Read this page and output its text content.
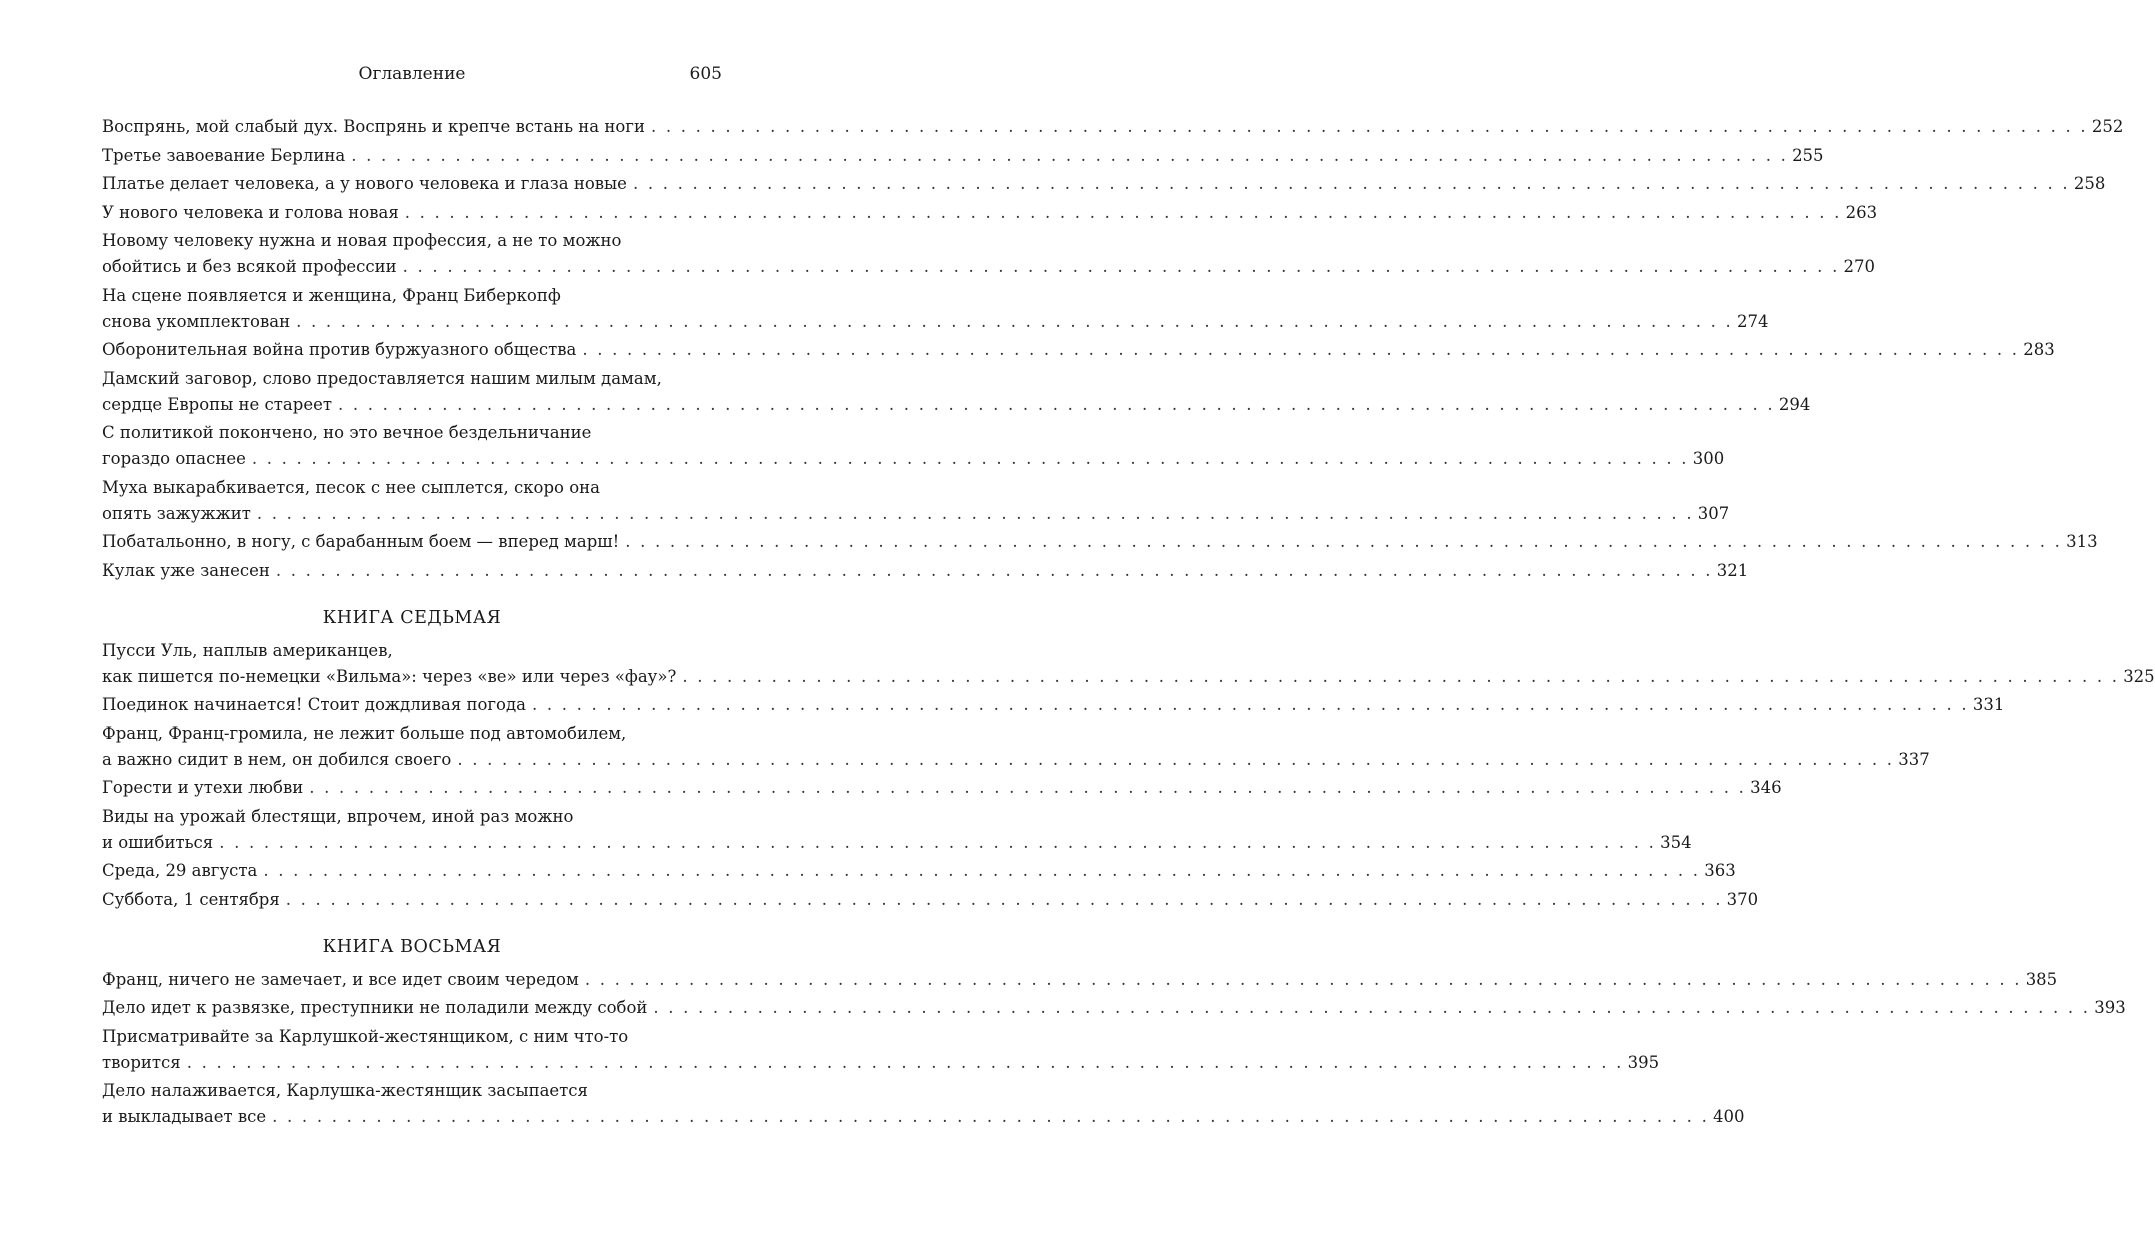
Оглавление	605
Воспрянь, мой слабый дух. Воспрянь и крепче встань на ноги . . . . . . . . . . . . . . . . . . . . . . . . . . . . . . . . . . . . . . . . . . . . . . . . . . . . . . . . . . . . . . . . . . . . . . . . . . . . . . . . . . . . . . . . . . . . . . . . . 252
Третье завоевание Берлина . . . . . . . . . . . . . . . . . . . . . . . . . . . . . . . . . . . . . . . . . . . . . . . . . . . . . . . . . . . . . . . . . . . . . . . . . . . . . . . . . . . . . . . . . . . . . . . . . 255
Платье делает человека, а у нового человека и глаза новые . . . . . . . . . . . . . . . . . . . . . . . . . . . . . . . . . . . . . . . . . . . . . . . . . . . . . . . . . . . . . . . . . . . . . . . . . . . . . . . . . . . . . . . . . . . . . . . . . 258
У нового человека и голова новая . . . . . . . . . . . . . . . . . . . . . . . . . . . . . . . . . . . . . . . . . . . . . . . . . . . . . . . . . . . . . . . . . . . . . . . . . . . . . . . . . . . . . . . . . . . . . . . . . 263
Новому человеку нужна и новая профессия, а не то можно
обойтись и без всякой профессии . . . . . . . . . . . . . . . . . . . . . . . . . . . . . . . . . . . . . . . . . . . . . . . . . . . . . . . . . . . . . . . . . . . . . . . . . . . . . . . . . . . . . . . . . . . . . . . . . 270
На сцене появляется и женщина, Франц Биберкопф
снова укомплектован . . . . . . . . . . . . . . . . . . . . . . . . . . . . . . . . . . . . . . . . . . . . . . . . . . . . . . . . . . . . . . . . . . . . . . . . . . . . . . . . . . . . . . . . . . . . . . . . . 274
Оборонительная война против буржуазного общества . . . . . . . . . . . . . . . . . . . . . . . . . . . . . . . . . . . . . . . . . . . . . . . . . . . . . . . . . . . . . . . . . . . . . . . . . . . . . . . . . . . . . . . . . . . . . . . . . 283
Дамский заговор, слово предоставляется нашим милым дамам,
сердце Европы не стареет . . . . . . . . . . . . . . . . . . . . . . . . . . . . . . . . . . . . . . . . . . . . . . . . . . . . . . . . . . . . . . . . . . . . . . . . . . . . . . . . . . . . . . . . . . . . . . . . . 294
С политикой покончено, но это вечное бездельничание
гораздо опаснее . . . . . . . . . . . . . . . . . . . . . . . . . . . . . . . . . . . . . . . . . . . . . . . . . . . . . . . . . . . . . . . . . . . . . . . . . . . . . . . . . . . . . . . . . . . . . . . . . 300
Муха выкарабкивается, песок с нее сыплется, скоро она
опять зажужжит . . . . . . . . . . . . . . . . . . . . . . . . . . . . . . . . . . . . . . . . . . . . . . . . . . . . . . . . . . . . . . . . . . . . . . . . . . . . . . . . . . . . . . . . . . . . . . . . . 307
Побатальонно, в ногу, с барабанным боем — вперед марш! . . . . . . . . . . . . . . . . . . . . . . . . . . . . . . . . . . . . . . . . . . . . . . . . . . . . . . . . . . . . . . . . . . . . . . . . . . . . . . . . . . . . . . . . . . . . . . . . . 313
Кулак уже занесен . . . . . . . . . . . . . . . . . . . . . . . . . . . . . . . . . . . . . . . . . . . . . . . . . . . . . . . . . . . . . . . . . . . . . . . . . . . . . . . . . . . . . . . . . . . . . . . . . 321
КНИГА СЕДЬМАЯ
Пусси Уль, наплыв американцев,
как пишется по-немецки «Вильма»: через «ве» или через «фау»? . . . . . . . . . . . . . . . . . . . . . . . . . . . . . . . . . . . . . . . . . . . . . . . . . . . . . . . . . . . . . . . . . . . . . . . . . . . . . . . . . . . . . . . . . . . . . . . . . 325
Поединок начинается! Стоит дождливая погода . . . . . . . . . . . . . . . . . . . . . . . . . . . . . . . . . . . . . . . . . . . . . . . . . . . . . . . . . . . . . . . . . . . . . . . . . . . . . . . . . . . . . . . . . . . . . . . . . 331
Франц, Франц-громила, не лежит больше под автомобилем,
а важно сидит в нем, он добился своего . . . . . . . . . . . . . . . . . . . . . . . . . . . . . . . . . . . . . . . . . . . . . . . . . . . . . . . . . . . . . . . . . . . . . . . . . . . . . . . . . . . . . . . . . . . . . . . . . 337
Горести и утехи любви . . . . . . . . . . . . . . . . . . . . . . . . . . . . . . . . . . . . . . . . . . . . . . . . . . . . . . . . . . . . . . . . . . . . . . . . . . . . . . . . . . . . . . . . . . . . . . . . . 346
Виды на урожай блестящи, впрочем, иной раз можно
и ошибиться . . . . . . . . . . . . . . . . . . . . . . . . . . . . . . . . . . . . . . . . . . . . . . . . . . . . . . . . . . . . . . . . . . . . . . . . . . . . . . . . . . . . . . . . . . . . . . . . . 354
Среда, 29 августа . . . . . . . . . . . . . . . . . . . . . . . . . . . . . . . . . . . . . . . . . . . . . . . . . . . . . . . . . . . . . . . . . . . . . . . . . . . . . . . . . . . . . . . . . . . . . . . . . 363
Суббота, 1 сентября . . . . . . . . . . . . . . . . . . . . . . . . . . . . . . . . . . . . . . . . . . . . . . . . . . . . . . . . . . . . . . . . . . . . . . . . . . . . . . . . . . . . . . . . . . . . . . . . . 370
КНИГА ВОСЬМАЯ
Франц, ничего не замечает, и все идет своим чередом . . . . . . . . . . . . . . . . . . . . . . . . . . . . . . . . . . . . . . . . . . . . . . . . . . . . . . . . . . . . . . . . . . . . . . . . . . . . . . . . . . . . . . . . . . . . . . . . . 385
Дело идет к развязке, преступники не поладили между собой . . . . . . . . . . . . . . . . . . . . . . . . . . . . . . . . . . . . . . . . . . . . . . . . . . . . . . . . . . . . . . . . . . . . . . . . . . . . . . . . . . . . . . . . . . . . . . . . . 393
Присматривайте за Карлушкой-жестянщиком, с ним что-то
творится . . . . . . . . . . . . . . . . . . . . . . . . . . . . . . . . . . . . . . . . . . . . . . . . . . . . . . . . . . . . . . . . . . . . . . . . . . . . . . . . . . . . . . . . . . . . . . . . . 395
Дело налаживается, Карлушка-жестянщик засыпается
и выкладывает все . . . . . . . . . . . . . . . . . . . . . . . . . . . . . . . . . . . . . . . . . . . . . . . . . . . . . . . . . . . . . . . . . . . . . . . . . . . . . . . . . . . . . . . . . . . . . . . . . 400
